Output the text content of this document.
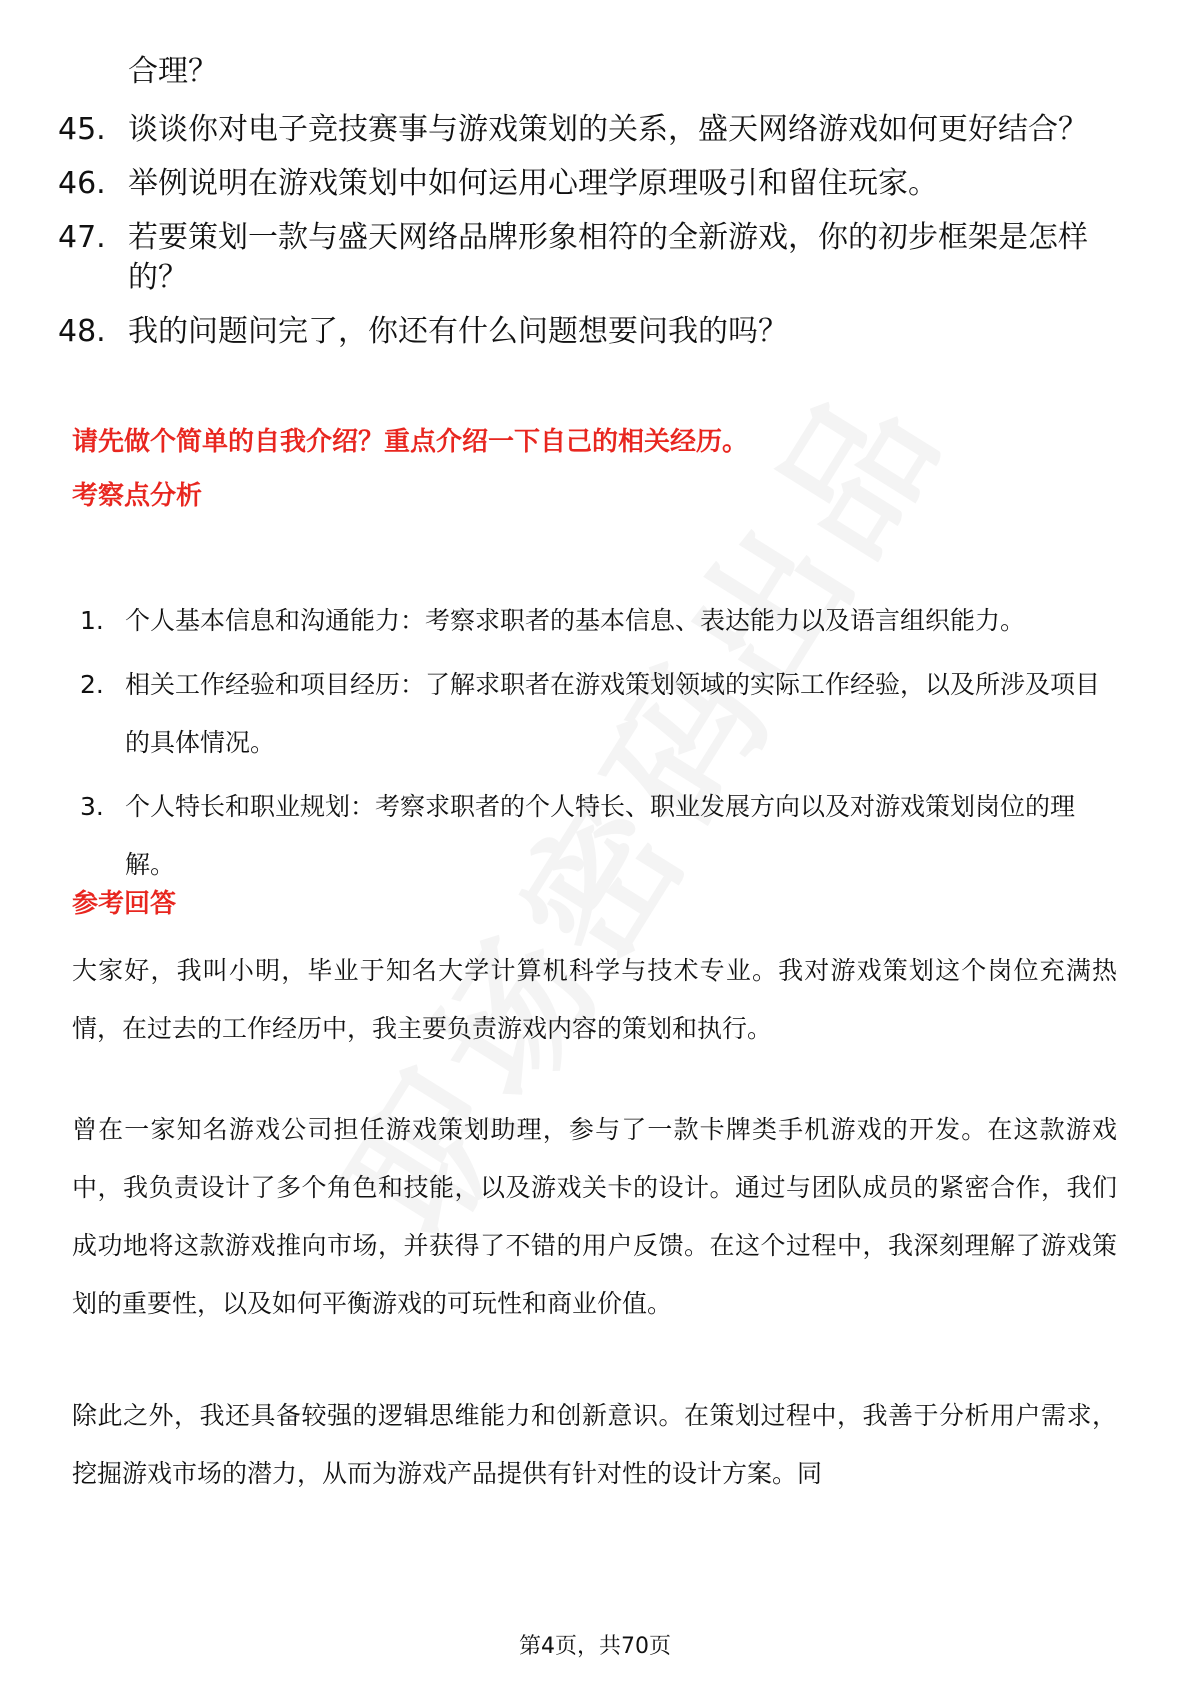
合理？
45. 谈谈你对电子竞技赛事与游戏策划的关系，盛天网络游戏如何更好结合？
46. 举例说明在游戏策划中如何运用心理学原理吸引和留住玩家。
47. 若要策划一款与盛天网络品牌形象相符的全新游戏，你的初步框架是怎样的？
48. 我的问题问完了，你还有什么问题想要问我的吗？
请先做个简单的自我介绍？重点介绍一下自己的相关经历。
考察点分析
1. 个人基本信息和沟通能力：考察求职者的基本信息、表达能力以及语言组织能力。
2. 相关工作经验和项目经历：了解求职者在游戏策划领域的实际工作经验，以及所涉及项目的具体情况。
3. 个人特长和职业规划：考察求职者的个人特长、职业发展方向以及对游戏策划岗位的理解。
参考回答
大家好，我叫小明，毕业于知名大学计算机科学与技术专业。我对游戏策划这个岗位充满热情，在过去的工作经历中，我主要负责游戏内容的策划和执行。
曾在一家知名游戏公司担任游戏策划助理，参与了一款卡牌类手机游戏的开发。在这款游戏中，我负责设计了多个角色和技能，以及游戏关卡的设计。通过与团队成员的紧密合作，我们成功地将这款游戏推向市场，并获得了不错的用户反馈。在这个过程中，我深刻理解了游戏策划的重要性，以及如何平衡游戏的可玩性和商业价值。
除此之外，我还具备较强的逻辑思维能力和创新意识。在策划过程中，我善于分析用户需求，挖掘游戏市场的潜力，从而为游戏产品提供有针对性的设计方案。同
第4页，共70页
